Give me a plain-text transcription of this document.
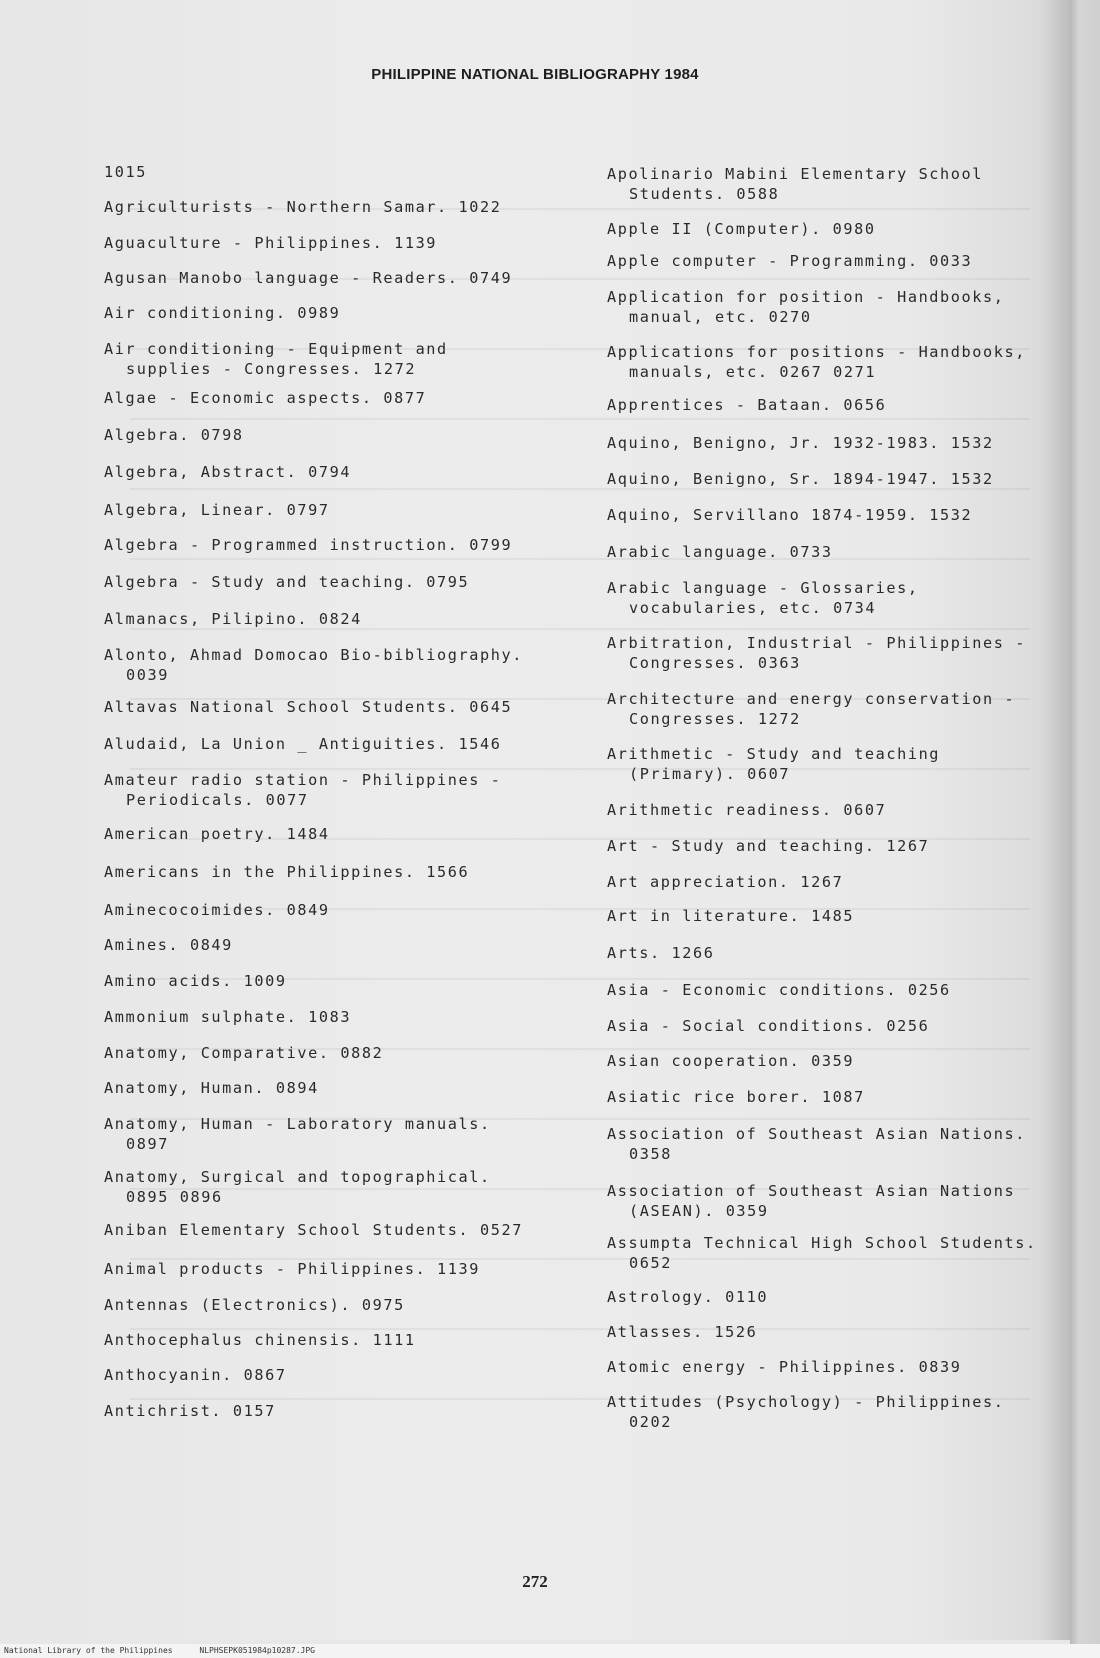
PHILIPPINE NATIONAL BIBLIOGRAPHY 1984
1015
Agriculturists - Northern Samar. 1022
Aguaculture - Philippines. 1139
Agusan Manobo language - Readers. 0749
Air conditioning. 0989
Air conditioning - Equipment and

supplies - Congresses. 1272
Algae - Economic aspects. 0877
Algebra. 0798
Algebra, Abstract. 0794
Algebra, Linear. 0797
Algebra - Programmed instruction. 0799
Algebra - Study and teaching. 0795
Almanacs, Pilipino. 0824
Alonto, Ahmad Domocao Bio-bibliography.

0039
Altavas National School Students. 0645
Aludaid, La Union _ Antiguities. 1546
Amateur radio station - Philippines -

Periodicals. 0077
American poetry. 1484
Americans in the Philippines. 1566
Aminecocoimides. 0849
Amines. 0849
Amino acids. 1009
Ammonium sulphate. 1083
Anatomy, Comparative. 0882
Anatomy, Human. 0894
Anatomy, Human - Laboratory manuals.

0897
Anatomy, Surgical and topographical.

0895 0896
Aniban Elementary School Students. 0527
Animal products - Philippines. 1139
Antennas (Electronics). 0975
Anthocephalus chinensis. 1111
Anthocyanin. 0867
Antichrist. 0157
Apolinario Mabini Elementary School

Students. 0588
Apple II (Computer). 0980
Apple computer - Programming. 0033
Application for position - Handbooks,

manual, etc. 0270
Applications for positions - Handbooks,

manuals, etc. 0267 0271
Apprentices - Bataan. 0656
Aquino, Benigno, Jr. 1932-1983. 1532
Aquino, Benigno, Sr. 1894-1947. 1532
Aquino, Servillano 1874-1959. 1532
Arabic language. 0733
Arabic language - Glossaries,

vocabularies, etc. 0734
Arbitration, Industrial - Philippines -

Congresses. 0363
Architecture and energy conservation -

Congresses. 1272
Arithmetic - Study and teaching

(Primary). 0607
Arithmetic readiness. 0607
Art - Study and teaching. 1267
Art appreciation. 1267
Art in literature. 1485
Arts. 1266
Asia - Economic conditions. 0256
Asia - Social conditions. 0256
Asian cooperation. 0359
Asiatic rice borer. 1087
Association of Southeast Asian Nations.

0358
Association of Southeast Asian Nations

(ASEAN). 0359
Assumpta Technical High School Students.

0652
Astrology. 0110
Atlasses. 1526
Atomic energy - Philippines. 0839
Attitudes (Psychology) - Philippines.

0202
272
National Library of the Philippines	NLPHSEPK051984p10287.JPG
